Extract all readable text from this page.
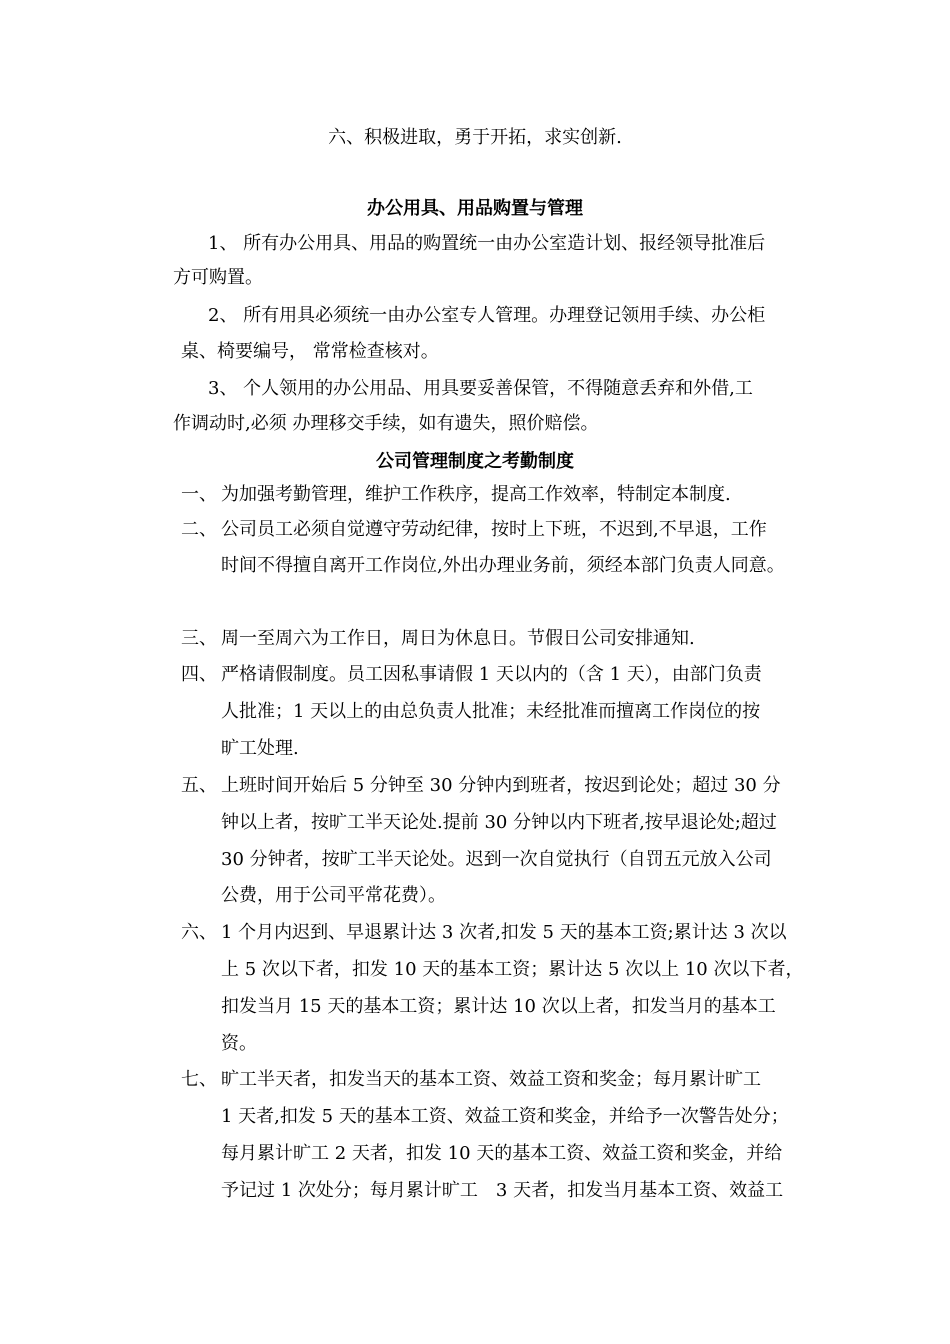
六、积极进取，勇于开拓，求实创新.
办公用具、用品购置与管理
1、 所有办公用具、用品的购置统一由办公室造计划、报经领导批准后
方可购置。
2、 所有用具必须统一由办公室专人管理。办理登记领用手续、办公柜
桌、椅要编号， 常常检查核对。
3、 个人领用的办公用品、用具要妥善保管，不得随意丢弃和外借,工
作调动时,必须 办理移交手续，如有遗失，照价赔偿。
公司管理制度之考勤制度
一、 为加强考勤管理，维护工作秩序，提高工作效率，特制定本制度.
二、 公司员工必须自觉遵守劳动纪律，按时上下班，不迟到,不早退，工作
时间不得擅自离开工作岗位,外出办理业务前，须经本部门负责人同意。
三、 周一至周六为工作日，周日为休息日。节假日公司安排通知.
四、 严格请假制度。员工因私事请假 1 天以内的（含 1 天），由部门负责
人批准；1 天以上的由总负责人批准；未经批准而擅离工作岗位的按
旷工处理.
五、 上班时间开始后 5 分钟至 30 分钟内到班者，按迟到论处；超过 30 分
钟以上者，按旷工半天论处.提前 30 分钟以内下班者,按早退论处;超过
30 分钟者，按旷工半天论处。迟到一次自觉执行（自罚五元放入公司
公费，用于公司平常花费）。
六、 1 个月内迟到、早退累计达 3 次者,扣发 5 天的基本工资;累计达 3 次以
上 5 次以下者，扣发 10 天的基本工资；累计达 5 次以上 10 次以下者，
扣发当月 15 天的基本工资；累计达 10 次以上者，扣发当月的基本工
资。
七、 旷工半天者，扣发当天的基本工资、效益工资和奖金；每月累计旷工
1 天者,扣发 5 天的基本工资、效益工资和奖金，并给予一次警告处分；
每月累计旷工 2 天者，扣发 10 天的基本工资、效益工资和奖金，并给
予记过 1 次处分；每月累计旷工　3 天者，扣发当月基本工资、效益工
